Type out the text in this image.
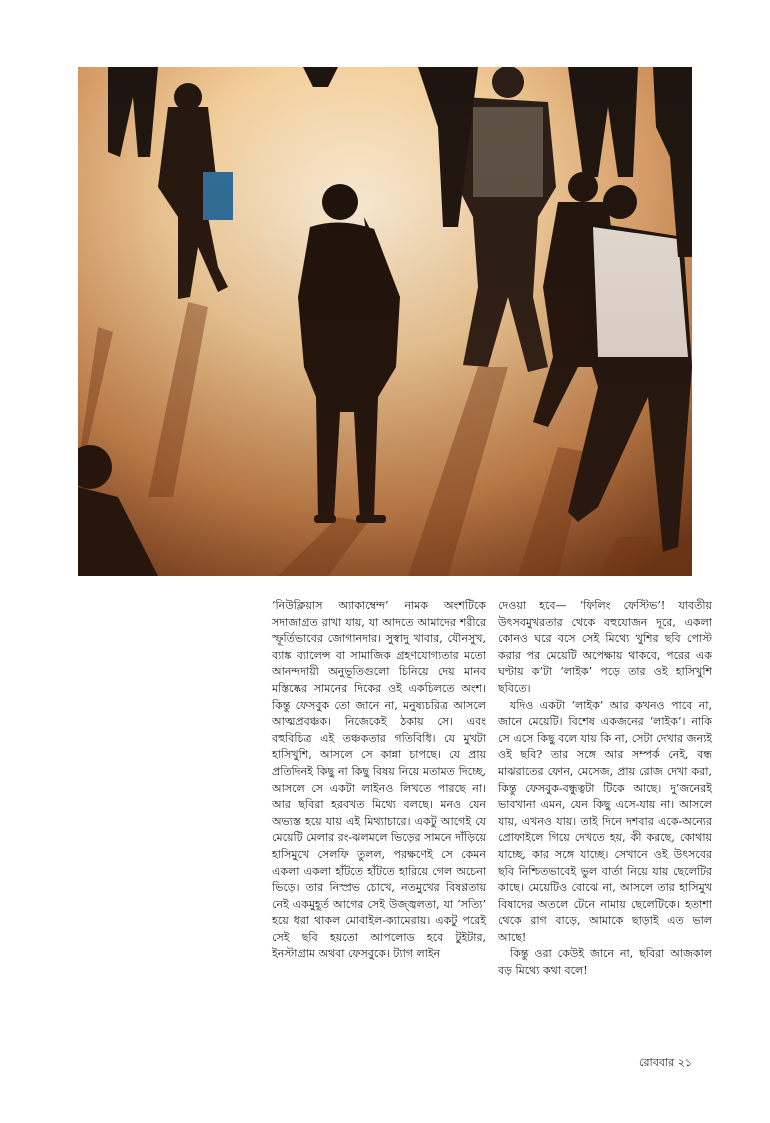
‘নিউক্লিয়াস অ্যাকাম্বেন্দ’ নামক অংশটিকে সদাজাগ্রত রাখা যায়, যা আদতে আমাদের শরীরে স্ফূর্তিভাবের জোগানদার। সুস্বাদু খাবার, যৌনসুখ, ব্যাঙ্ক ব্যালেন্স বা সামাজিক গ্রহণযোগ্যতার মতো আনন্দদায়ী অনুভূতিগুলো চিনিয়ে দেয় মানব মস্তিষ্কের সামনের দিকের ওই একচিলতে অংশ। কিন্তু ফেসবুক তো জানে না, মনুষ্যচরিত্র আসলে আত্মপ্রবঞ্চক। নিজেকেই ঠকায় সে। এবং বহুবিচিত্র এই তঞ্চকতার গতিবিধি। যে মুখটা হাসিখুশি, আসলে সে কান্না চাপছে। যে প্রায় প্রতিদিনই কিছু না কিছু বিষয় নিয়ে মতামত দিচ্ছে, আসলে সে একটা লাইনও লিখতে পারছে না। আর ছবিরা হরবখত মিথ্যে বলছে। মনও যেন অভ্যস্ত হয়ে যায় এই মিথ্যাচারে। একটু আগেই যে মেয়েটি মেলার রং-ঝলমলে ভিড়ের সামনে দাঁড়িয়ে হাসিমুখে সেলফি তুলল, পরক্ষণেই সে কেমন একলা একলা হাঁটতে হাঁটতে হারিয়ে গেল অচেনা ভিড়ে। তার নিস্প্রভ চোখে, নতমুখের বিষণ্ণতায় নেই একমুহূর্ত আগের সেই উজ্জ্বলতা, যা ‘সত্যি’ হয়ে ধরা থাকল মোবাইল-ক্যামেরায়। একটু পরেই সেই ছবি হয়তো আপলোড হবে টুইটার, ইনস্টাগ্রাম অথবা ফেসবুকে। ট্যাগ লাইন

দেওয়া হবে— ‘ফিলিং ফেস্টিভ’! যাবতীয় উৎসবমুখরতার থেকে বহুযোজন দূরে, একলা কোনও ঘরে বসে সেই মিথ্যে খুশির ছবি পোস্ট করার পর মেয়েটি অপেক্ষায় থাকবে, পরের এক ঘণ্টায় ক’টা ‘লাইক’ পড়ে তার ওই হাসিখুশি ছবিতে।

যদিও একটা ‘লাইক’ আর কখনও পাবে না, জানে মেয়েটি। বিশেষ একজনের ‘লাইক’। নাকি সে এসে কিছু বলে যায় কি না, সেটা দেখার জন্যই ওই ছবি? তার সঙ্গে আর সম্পর্ক নেই, বন্ধ মাঝরাতের ফোন, মেসেজ, প্রায় রোজ দেখা করা, কিন্তু ফেসবুক-বন্ধুত্বটা টিকে আছে। দু’জনেরই ভাবখানা এমন, যেন কিছু এসে-যায় না। আসলে যায়, এখনও যায়। তাই দিনে দশবার একে-অন্যের প্রোফাইলে গিয়ে দেখতে হয়, কী করছে, কোথায় যাচ্ছে, কার সঙ্গে যাচ্ছে। সেখানে ওই উৎসবের ছবি নিশ্চিতভাবেই ভুল বার্তা নিয়ে যায় ছেলেটির কাছে। মেয়েটিও বোঝে না, আসলে তার হাসিমুখ বিষাদের অতলে টেনে নামায় ছেলেটিকে। হতাশা থেকে রাগ বাড়ে, আমাকে ছাড়াই এত ভাল আছে!

কিন্তু ওরা কেউই জানে না, ছবিরা আজকাল বড় মিথ্যে কথা বলে!

রোববার ২১
